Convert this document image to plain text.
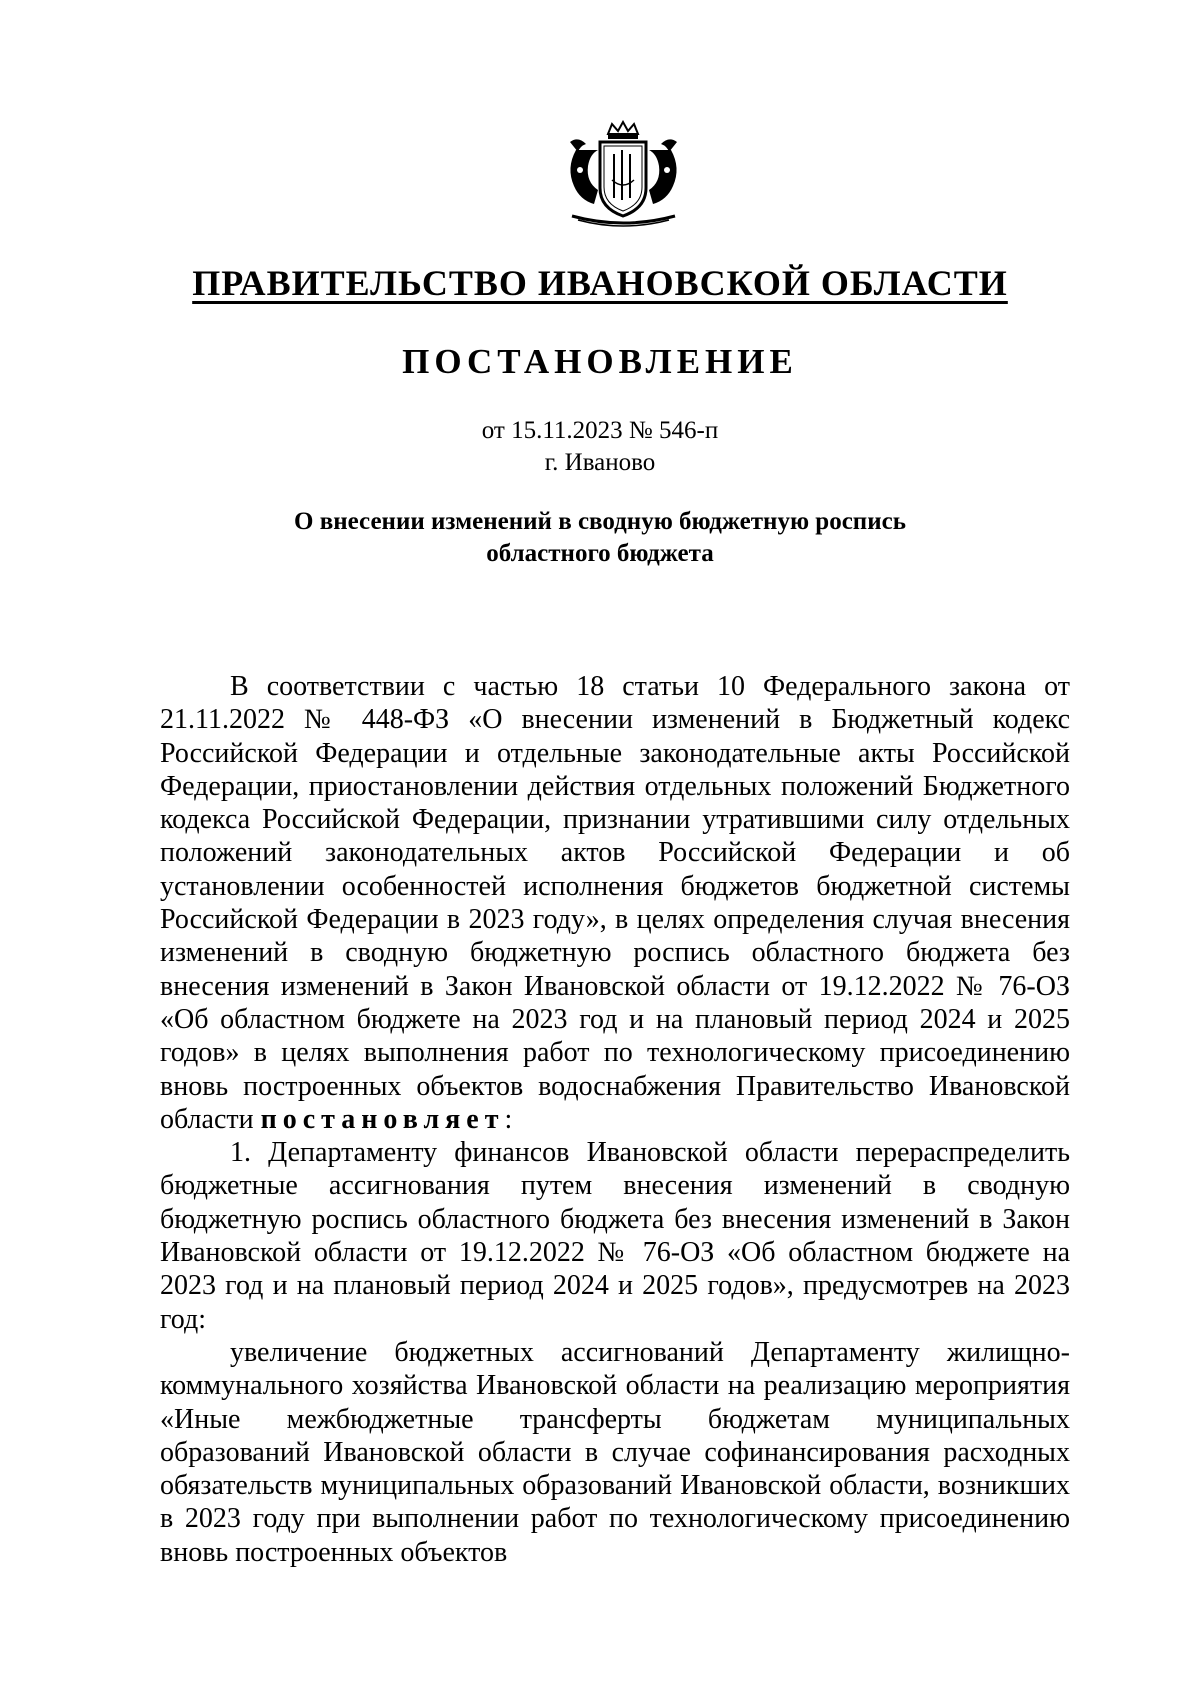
ПРАВИТЕЛЬСТВО ИВАНОВСКОЙ ОБЛАСТИ
ПОСТАНОВЛЕНИЕ
от 15.11.2023 № 546-п
г. Иваново
О внесении изменений в сводную бюджетную роспись
областного бюджета

В соответствии с частью 18 статьи 10 Федерального закона от 21.11.2022 № 448-ФЗ «О внесении изменений в Бюджетный кодекс Российской Федерации и отдельные законодательные акты Российской Федерации, приостановлении действия отдельных положений Бюджетного кодекса Российской Федерации, признании утратившими силу отдельных положений законодательных актов Российской Федерации и об установлении особенностей исполнения бюджетов бюджетной системы Российской Федерации в 2023 году», в целях определения случая внесения изменений в сводную бюджетную роспись областного бюджета без внесения изменений в Закон Ивановской области от 19.12.2022 № 76-ОЗ «Об областном бюджете на 2023 год и на плановый период 2024 и 2025 годов» в целях выполнения работ по технологическому присоединению вновь построенных объектов водоснабжения Правительство Ивановской области постановляет:

1. Департаменту финансов Ивановской области перераспределить бюджетные ассигнования путем внесения изменений в сводную бюджетную роспись областного бюджета без внесения изменений в Закон Ивановской области от 19.12.2022 № 76-ОЗ «Об областном бюджете на 2023 год и на плановый период 2024 и 2025 годов», предусмотрев на 2023 год:

увеличение бюджетных ассигнований Департаменту жилищно-коммунального хозяйства Ивановской области на реализацию мероприятия «Иные межбюджетные трансферты бюджетам муниципальных образований Ивановской области в случае софинансирования расходных обязательств муниципальных образований Ивановской области, возникших в 2023 году при выполнении работ по технологическому присоединению вновь построенных объектов
